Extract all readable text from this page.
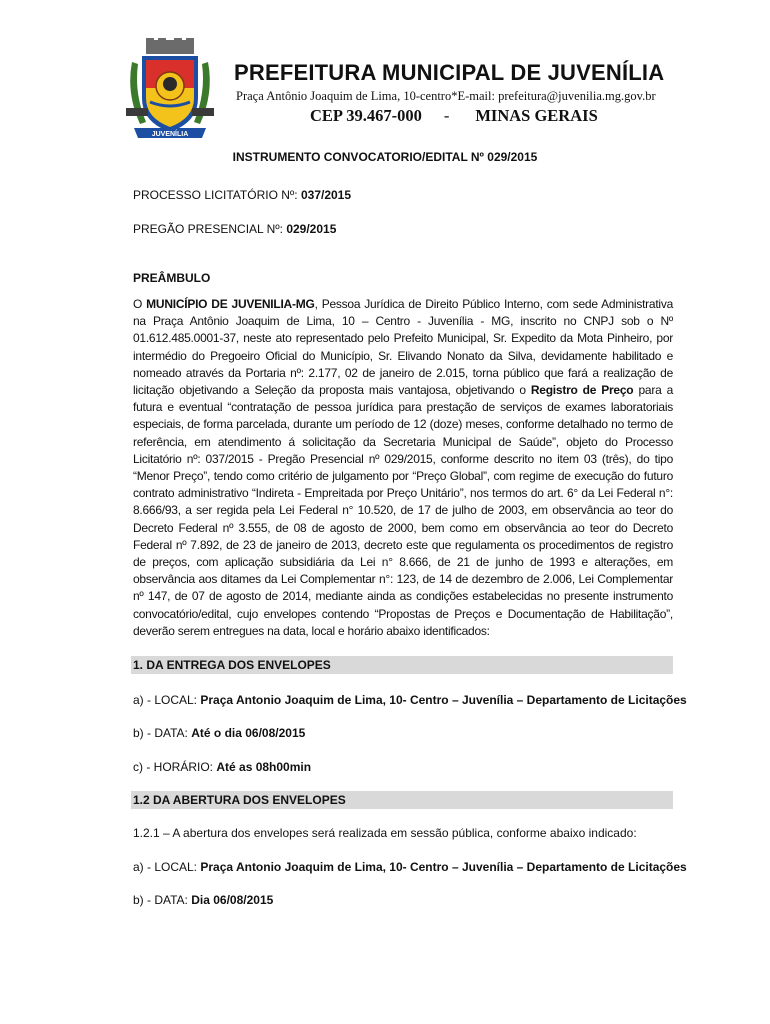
JUVENÍLIA
PREFEITURA MUNICIPAL DE JUVENÍLIA
Praça Antônio Joaquim de Lima, 10-centro*E-mail: prefeitura@juvenilia.mg.gov.br
CEP 39.467-000 - MINAS GERAIS
INSTRUMENTO CONVOCATORIO/EDITAL Nº 029/2015
PROCESSO LICITATÓRIO Nº: 037/2015
PREGÃO PRESENCIAL Nº: 029/2015
PREÂMBULO
O MUNICÍPIO DE JUVENILIA-MG, Pessoa Jurídica de Direito Público Interno, com sede Administrativa na Praça Antônio Joaquim de Lima, 10 – Centro - Juvenília - MG, inscrito no CNPJ sob o Nº 01.612.485.0001-37, neste ato representado pelo Prefeito Municipal, Sr. Expedito da Mota Pinheiro, por intermédio do Pregoeiro Oficial do Município, Sr. Elivando Nonato da Silva, devidamente habilitado e nomeado através da Portaria nº: 2.177, 02 de janeiro de 2.015, torna público que fará a realização de licitação objetivando a Seleção da proposta mais vantajosa, objetivando o Registro de Preço para a futura e eventual “contratação de pessoa jurídica para prestação de serviços de exames laboratoriais especiais, de forma parcelada, durante um período de 12 (doze) meses, conforme detalhado no termo de referência, em atendimento á solicitação da Secretaria Municipal de Saúde”, objeto do Processo Licitatório nº: 037/2015 - Pregão Presencial nº 029/2015, conforme descrito no item 03 (três), do tipo “Menor Preço”, tendo como critério de julgamento por “Preço Global”, com regime de execução do futuro contrato administrativo “Indireta - Empreitada por Preço Unitário”, nos termos do art. 6° da Lei Federal n°: 8.666/93, a ser regida pela Lei Federal n° 10.520, de 17 de julho de 2003, em observância ao teor do Decreto Federal nº 3.555, de 08 de agosto de 2000, bem como em observância ao teor do Decreto Federal nº 7.892, de 23 de janeiro de 2013, decreto este que regulamenta os procedimentos de registro de preços, com aplicação subsidiária da Lei n° 8.666, de 21 de junho de 1993 e alterações, em observância aos ditames da Lei Complementar n°: 123, de 14 de dezembro de 2.006, Lei Complementar nº 147, de 07 de agosto de 2014, mediante ainda as condições estabelecidas no presente instrumento convocatório/edital, cujo envelopes contendo “Propostas de Preços e Documentação de Habilitação”, deverão serem entregues na data, local e horário abaixo identificados:
1. DA ENTREGA DOS ENVELOPES
a) - LOCAL: Praça Antonio Joaquim de Lima, 10- Centro – Juvenília – Departamento de Licitações
b) - DATA: Até o dia 06/08/2015
c) - HORÁRIO: Até as 08h00min
1.2 DA ABERTURA DOS ENVELOPES
1.2.1 – A abertura dos envelopes será realizada em sessão pública, conforme abaixo indicado:
a) - LOCAL: Praça Antonio Joaquim de Lima, 10- Centro – Juvenília – Departamento de Licitações
b) - DATA: Dia 06/08/2015
